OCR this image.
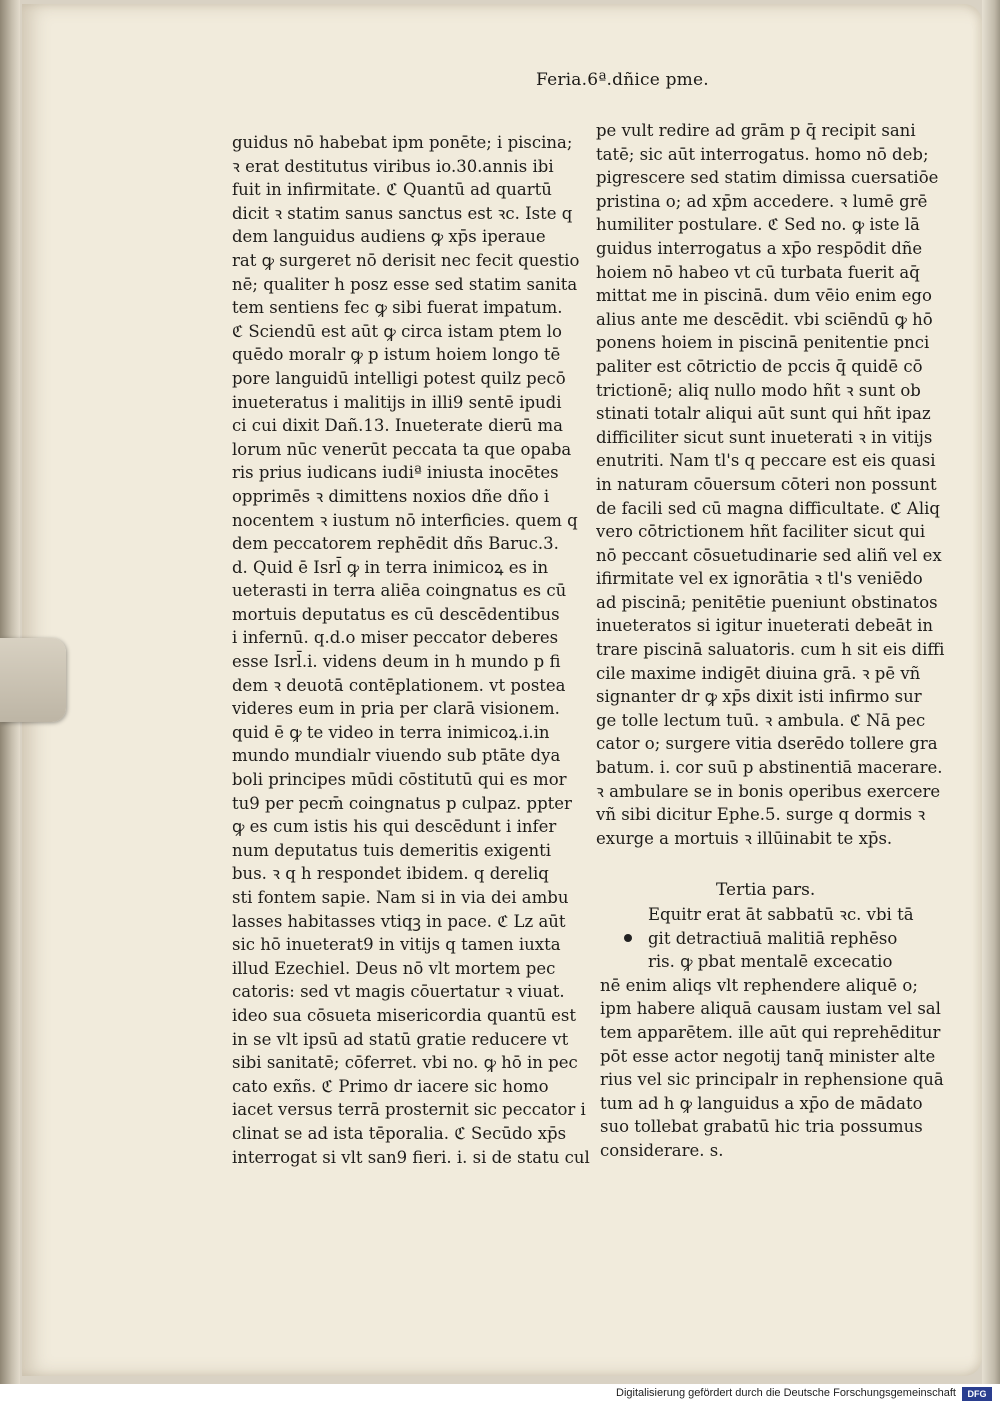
Feria.6ª.dñice pme.
guidus nō habebat ipm ponēte; i piscina;
ꝛ erat destitutus viribus io.30.annis ibi
fuit in infirmitate. ℭ Quantū ad quartū
dicit ꝛ statim sanus sanctus est ꝛc. Iste q
dem languidus audiens ꝙ xp̄s iperaue
rat ꝙ surgeret nō derisit nec fecit questio
nē; qualiter h posz esse sed statim sanita
tem sentiens fec ꝙ sibi fuerat impatum.
ℭ Sciendū est aūt ꝙ circa istam ptem lo
quēdo moralr ꝙ p istum hoiem longo tē
pore languidū intelligi potest quilz pecō
inueteratus i malitijs in illi9 sentē ipudi
ci cui dixit Dañ.13. Inueterate dierū ma
lorum nūc venerūt peccata ta que opaba
ris prius iudicans iudiª iniusta inocētes
opprimēs ꝛ dimittens noxios dñe dño i
nocentem ꝛ iustum nō interficies. quem q
dem peccatorem rephēdit dñs Baruc.3.
d. Quid ē Isrl̄ ꝙ in terra inimicoꝝ es in
ueterasti in terra aliēa coingnatus es cū
mortuis deputatus es cū descēdentibus
i infernū. q.d.o miser peccator deberes
esse Isrl̄.i. videns deum in h mundo p fi
dem ꝛ deuotā contēplationem. vt postea
videres eum in pria per clarā visionem.
quid ē ꝙ te video in terra inimicoꝝ.i.in
mundo mundialr viuendo sub ptāte dya
boli principes mūdi cōstitutū qui es mor
tu9 per pecm̄ coingnatus p culpaz. ppter
ꝙ es cum istis his qui descēdunt i infer
num deputatus tuis demeritis exigenti
bus. ꝛ q h respondet ibidem. q dereliq
sti fontem sapie. Nam si in via dei ambu
lasses habitasses vtiqꝫ in pace. ℭ Lz aūt
sic hō inueterat9 in vitijs q tamen iuxta
illud Ezechiel. Deus nō vlt mortem pec
catoris: sed vt magis cōuertatur ꝛ viuat.
ideo sua cōsueta misericordia quantū est
in se vlt ipsū ad statū gratie reducere vt
sibi sanitatē; cōferret. vbi no. ꝙ hō in pec
cato exñs. ℭ Primo dr iacere sic homo
iacet versus terrā prosternit sic peccator i
clinat se ad ista tēporalia. ℭ Secūdo xp̄s
interrogat si vlt san9 fieri. i. si de statu cul
pe vult redire ad grām p q̄ recipit sani
tatē; sic aūt interrogatus. homo nō deb;
pigrescere sed statim dimissa cuersatiōe
pristina o; ad xp̄m accedere. ꝛ lumē grē
humiliter postulare. ℭ Sed no. ꝙ iste lā
guidus interrogatus a xp̄o respōdit dñe
hoiem nō habeo vt cū turbata fuerit aq̄
mittat me in piscinā. dum vēio enim ego
alius ante me descēdit. vbi sciēndū ꝙ hō
ponens hoiem in piscinā penitentie pnci
paliter est cōtrictio de pccis q̄ quidē cō
trictionē; aliq nullo modo hñt ꝛ sunt ob
stinati totalr aliqui aūt sunt qui hñt ipaz
difficiliter sicut sunt inueterati ꝛ in vitijs
enutriti. Nam tl's q peccare est eis quasi
in naturam cōuersum cōteri non possunt
de facili sed cū magna difficultate. ℭ Aliq
vero cōtrictionem hñt faciliter sicut qui
nō peccant cōsuetudinarie sed aliñ vel ex
ifirmitate vel ex ignorātia ꝛ tl's veniēdo
ad piscinā; penitētie pueniunt obstinatos
inueteratos si igitur inueterati debeāt in
trare piscinā saluatoris. cum h sit eis diffi
cile maxime indigēt diuina grā. ꝛ pē vñ
signanter dr ꝙ xp̄s dixit isti infirmo sur
ge tolle lectum tuū. ꝛ ambula. ℭ Nā pec
cator o; surgere vitia dserēdo tollere gra
batum. i. cor suū p abstinentiā macerare.
ꝛ ambulare se in bonis operibus exercere
vñ sibi dicitur Ephe.5. surge q dormis ꝛ
exurge a mortuis ꝛ illūinabit te xp̄s.
Tertia pars.
Equitr erat āt sabbatū ꝛc. vbi tā
git detractiuā malitiā rephēso
ris. ꝙ pbat mentalē excecatio
nē enim aliqs vlt rephendere aliquē o;
ipm habere aliquā causam iustam vel sal
tem apparētem. ille aūt qui reprehēditur
pōt esse actor negotij tanq̄ minister alte
rius vel sic principalr in rephensione quā
tum ad h ꝙ languidus a xp̄o de mādato
suo tollebat grabatū hic tria possumus
considerare. s.
Digitalisierung gefördert durch die Deutsche Forschungsgemeinschaft	DFG
